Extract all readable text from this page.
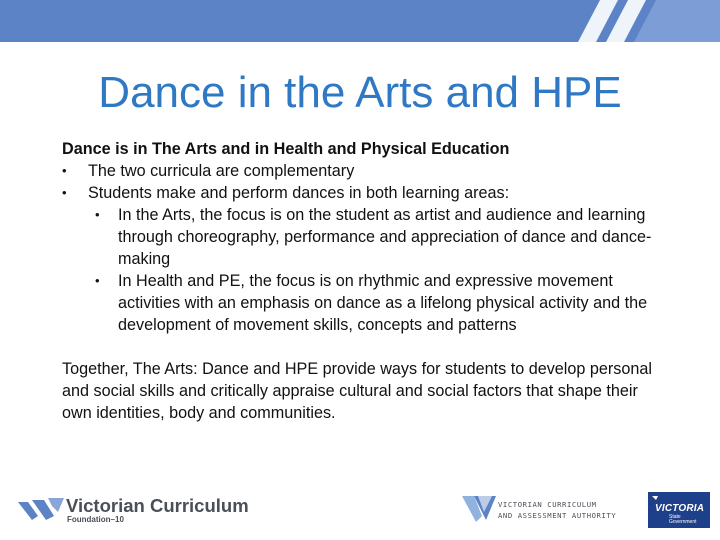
Dance in the Arts and HPE

Dance is in The Arts and in Health and Physical Education

• The two curricula are complementary
• Students make and perform dances in both learning areas:
• In the Arts, the focus is on the student as artist and audience and learning through choreography, performance and appreciation of dance and dance-making
• In Health and PE, the focus is on rhythmic and expressive movement activities with an emphasis on dance as a lifelong physical activity and the development of movement skills, concepts and patterns

Together, The Arts: Dance and HPE provide ways for students to develop personal and social skills and critically appraise cultural and social factors that shape their own identities, body and communities.

Victorian Curriculum
Foundation–10
VICTORIAN CURRICULUM
AND ASSESSMENT AUTHORITY
VICTORIA
State
Government
